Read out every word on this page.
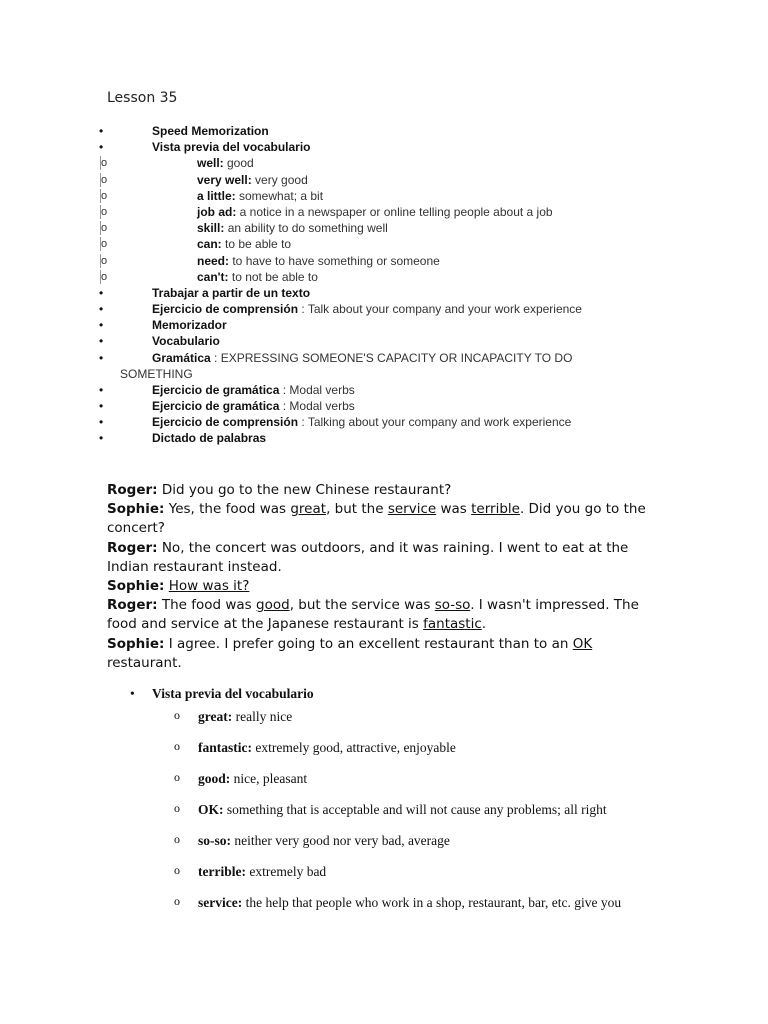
Lesson 35
•	Speed Memorization
•	Vista previa del vocabulario
o	well: good
o	very well: very good
o	a little: somewhat; a bit
o	job ad: a notice in a newspaper or online telling people about a job
o	skill: an ability to do something well
o	can: to be able to
o	need: to have to have something or someone
o	can't: to not be able to
•	Trabajar a partir de un texto
•	Ejercicio de comprensión : Talk about your company and your work experience
•	Memorizador
•	Vocabulario
•	Gramática : EXPRESSING SOMEONE'S CAPACITY OR INCAPACITY TO DO
SOMETHING
•	Ejercicio de gramática : Modal verbs
•	Ejercicio de gramática : Modal verbs
•	Ejercicio de comprensión : Talking about your company and work experience
•	Dictado de palabras

Roger: Did you go to the new Chinese restaurant?

Sophie: Yes, the food was great, but the service was terrible. Did you go to the concert?

Roger: No, the concert was outdoors, and it was raining. I went to eat at the Indian restaurant instead.

Sophie: How was it?

Roger: The food was good, but the service was so-so. I wasn't impressed. The food and service at the Japanese restaurant is fantastic.

Sophie: I agree. I prefer going to an excellent restaurant than to an OK restaurant.

• Vista previa del vocabulario
o great: really nice
o fantastic: extremely good, attractive, enjoyable
o good: nice, pleasant
o OK: something that is acceptable and will not cause any problems; all right
o so-so: neither very good nor very bad, average
o terrible: extremely bad
o service: the help that people who work in a shop, restaurant, bar, etc. give you
